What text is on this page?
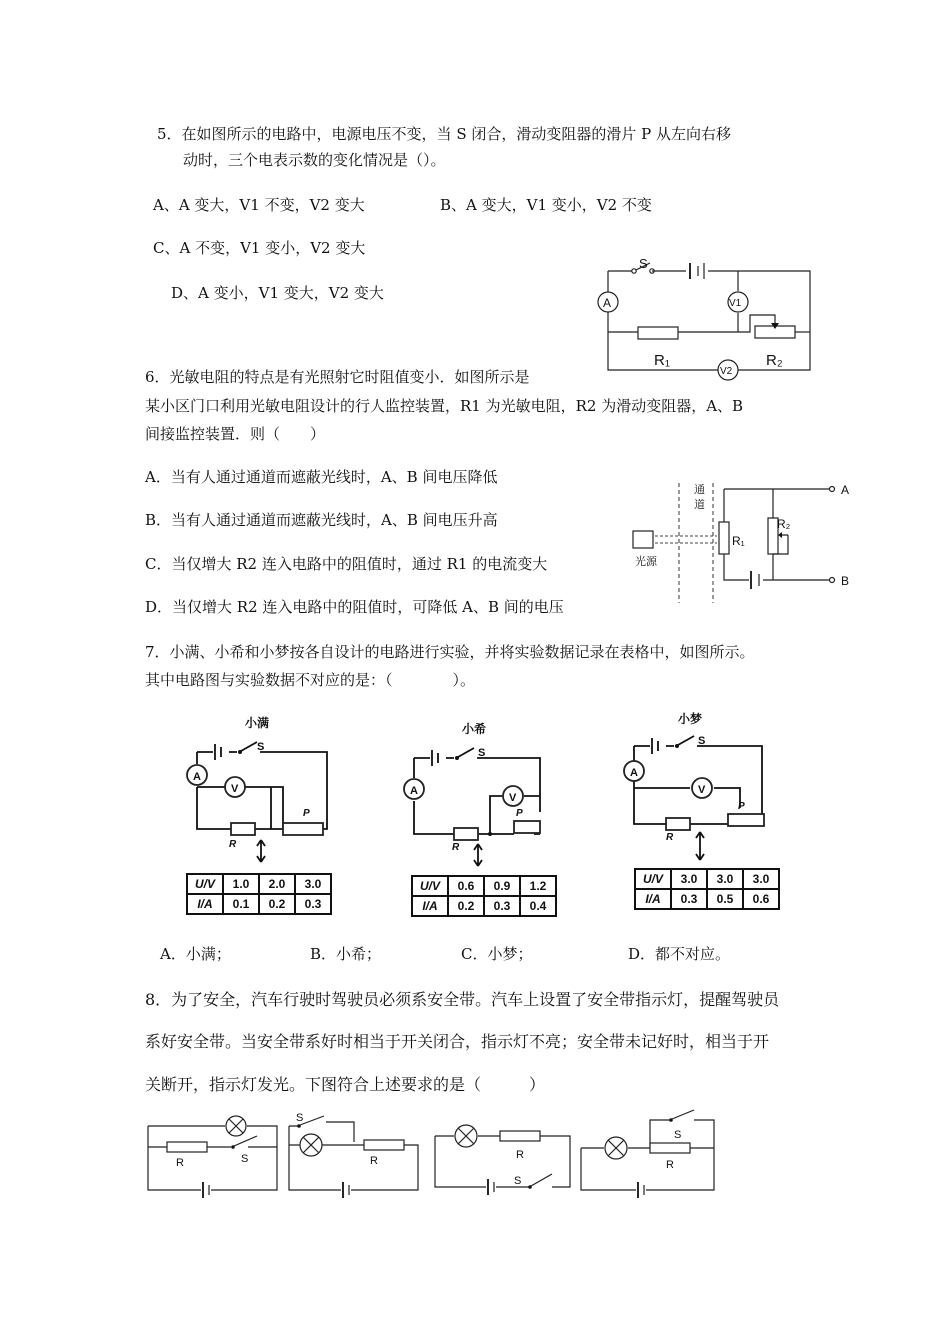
5．在如图所示的电路中，电源电压不变，当 S 闭合，滑动变阻器的滑片 P 从左向右移
动时，三个电表示数的变化情况是（）。
A、A 变大，V1 不变，V2 变大	B、A 变大，V1 变小，V2 不变
C、A 不变，V1 变小，V2 变大
D、A 变小，V1 变大，V2 变大
S
A	V1
R₁	R₂
V2
6．光敏电阻的特点是有光照射它时阻值变小．如图所示是
某小区门口利用光敏电阻设计的行人监控装置，R1 为光敏电阻，R2 为滑动变阻器，A、B
间接监控装置．则（　　）
A．当有人通过通道而遮蔽光线时，A、B 间电压降低
B．当有人通过通道而遮蔽光线时，A、B 间电压升高
C．当仅增大 R2 连入电路中的阻值时，通过 R1 的电流变大
D．当仅增大 R2 连入电路中的阻值时，可降低 A、B 间的电压
通
道
光源
R₁
R₂
A
B
7．小满、小希和小梦按各自设计的电路进行实验，并将实验数据记录在表格中，如图所示。
其中电路图与实验数据不对应的是：（　　　　）。
小满
S
A
V
R
P
U/V	1.0	2.0	3.0
I/A	0.1	0.2	0.3
小希
S
A
V
R
P
U/V	0.6	0.9	1.2
I/A	0.2	0.3	0.4
小梦
S
A
V
R
P
U/V	3.0	3.0	3.0
I/A	0.3	0.5	0.6
A．小满；	B．小希；	C．小梦；	D．都不对应。
8．为了安全，汽车行驶时驾驶员必须系安全带。汽车上设置了安全带指示灯，提醒驾驶员
系好安全带。当安全带系好时相当于开关闭合，指示灯不亮；安全带未记好时，相当于开
关断开，指示灯发光。下图符合上述要求的是（　　　）
R	S
S
R	R
S
R
S
